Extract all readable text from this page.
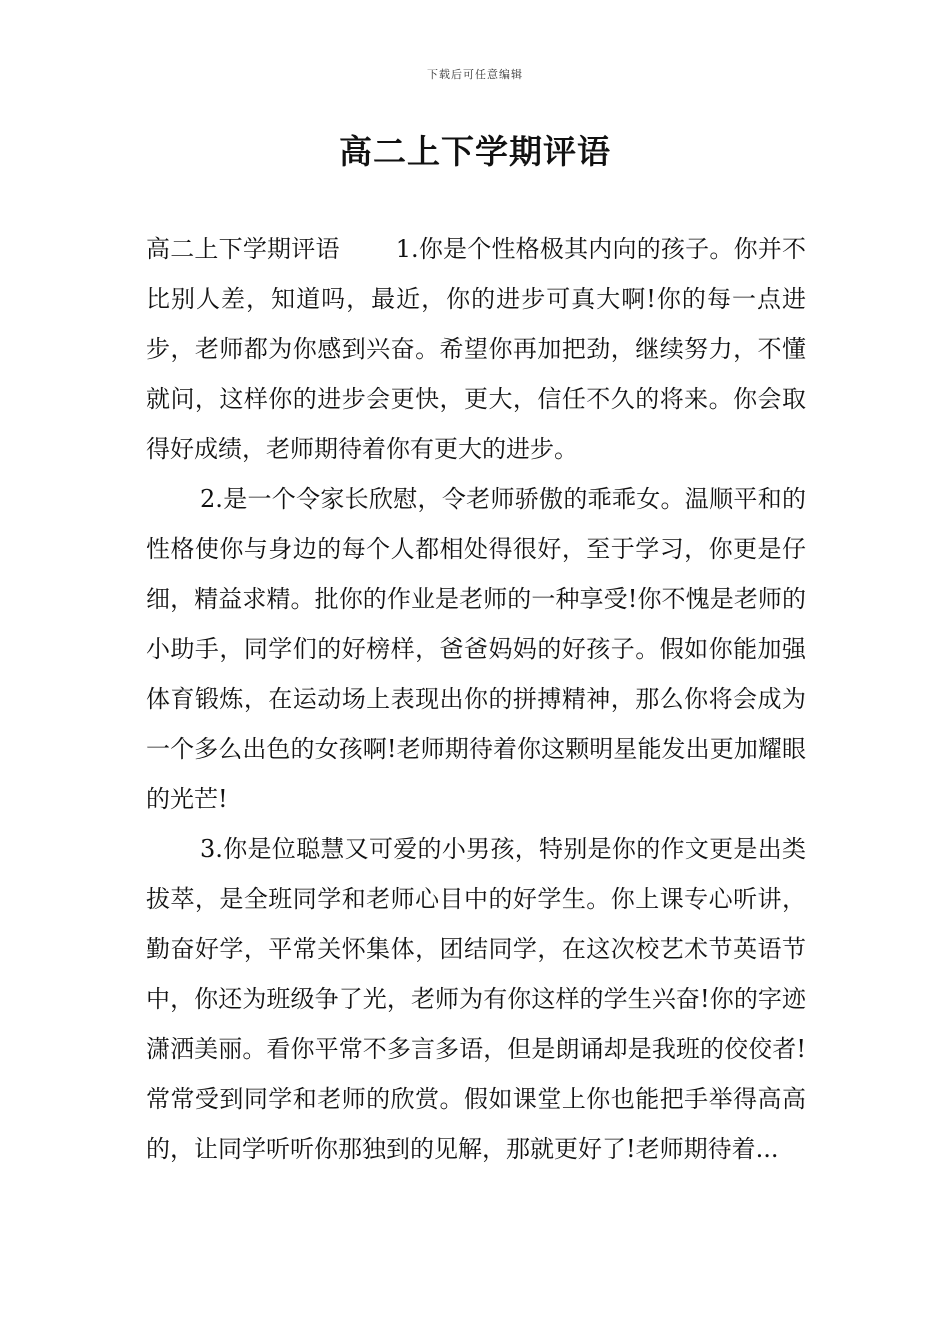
下载后可任意编辑
高二上下学期评语

高二上下学期评语 1.你是个性格极其内向的孩子。你并不比别人差，知道吗，最近，你的进步可真大啊!你的每一点进步，老师都为你感到兴奋。希望你再加把劲，继续努力，不懂就问，这样你的进步会更快，更大，信任不久的将来。你会取得好成绩，老师期待着你有更大的进步。

2.是一个令家长欣慰，令老师骄傲的乖乖女。温顺平和的性格使你与身边的每个人都相处得很好，至于学习，你更是仔细，精益求精。批你的作业是老师的一种享受!你不愧是老师的小助手，同学们的好榜样，爸爸妈妈的好孩子。假如你能加强体育锻炼，在运动场上表现出你的拼搏精神，那么你将会成为一个多么出色的女孩啊!老师期待着你这颗明星能发出更加耀眼的光芒!

3.你是位聪慧又可爱的小男孩，特别是你的作文更是出类拔萃，是全班同学和老师心目中的好学生。你上课专心听讲，勤奋好学，平常关怀集体，团结同学，在这次校艺术节英语节中，你还为班级争了光，老师为有你这样的学生兴奋!你的字迹潇洒美丽。看你平常不多言多语，但是朗诵却是我班的佼佼者!常常受到同学和老师的欣赏。假如课堂上你也能把手举得高高的，让同学听听你那独到的见解，那就更好了!老师期待着...
